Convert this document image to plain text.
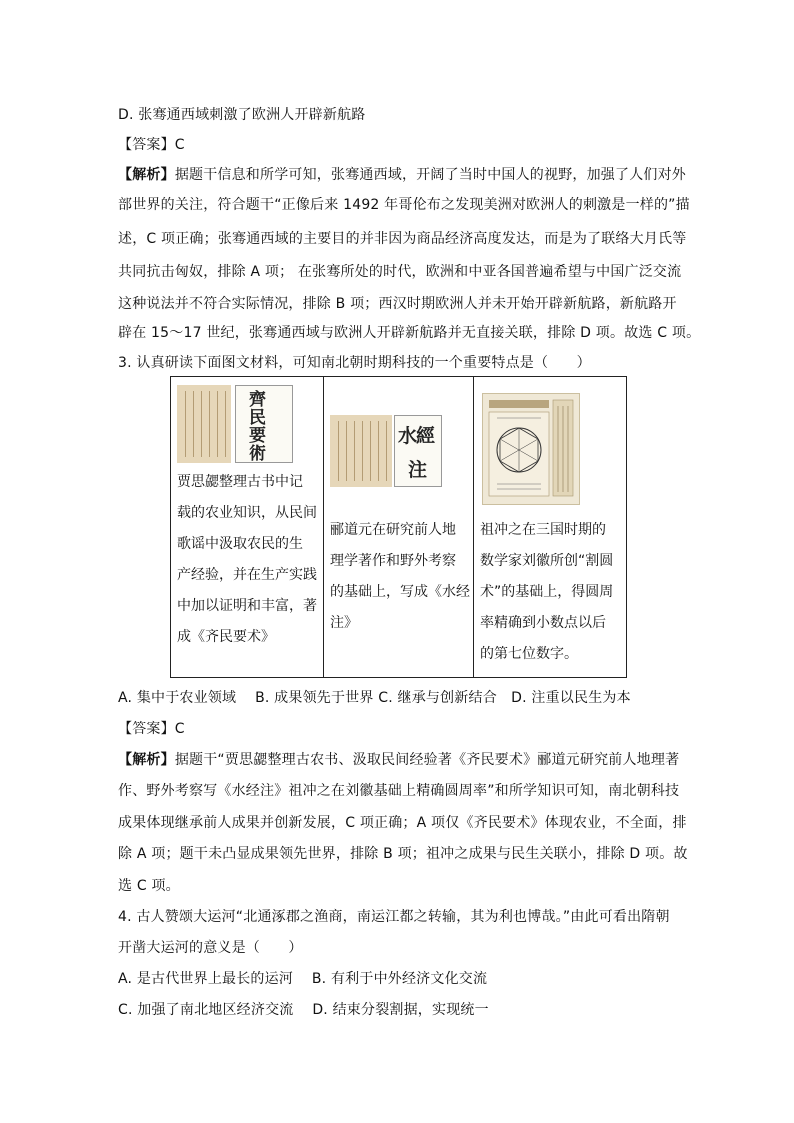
D. 张骞通西域刺激了欧洲人开辟新航路
【答案】C
【解析】据题干信息和所学可知，张骞通西域，开阔了当时中国人的视野，加强了人们对外
部世界的关注，符合题干“正像后来 1492 年哥伦布之发现美洲对欧洲人的刺激是一样的”描
述，C 项正确；张骞通西域的主要目的并非因为商品经济高度发达，而是为了联络大月氏等
共同抗击匈奴，排除 A 项； 在张骞所处的时代，欧洲和中亚各国普遍希望与中国广泛交流
这种说法并不符合实际情况，排除 B 项；西汉时期欧洲人并未开始开辟新航路，新航路开
辟在 15～17 世纪，张骞通西域与欧洲人开辟新航路并无直接关联，排除 D 项。故选 C 项。
3. 认真研读下面图文材料，可知南北朝时期科技的一个重要特点是（　　）
齊
民
要
術
贾思勰整理古书中记
载的农业知识，从民间
歌谣中汲取农民的生
产经验，并在生产实践
中加以证明和丰富，著
成《齐民要术》

水
經
注
郦道元在研究前人地
理学著作和野外考察
的基础上，写成《水经
注》

祖冲之在三国时期的
数学家刘徽所创“割圆
术”的基础上，得圆周
率精确到小数点以后
的第七位数字。
A. 集中于农业领域　 B. 成果领先于世界 C. 继承与创新结合　D. 注重以民生为本
【答案】C
【解析】据题干“贾思勰整理古农书、汲取民间经验著《齐民要术》郦道元研究前人地理著
作、野外考察写《水经注》祖冲之在刘徽基础上精确圆周率”和所学知识可知，南北朝科技
成果体现继承前人成果并创新发展，C 项正确；A 项仅《齐民要术》体现农业，不全面，排
除 A 项；题干未凸显成果领先世界，排除 B 项；祖冲之成果与民生关联小，排除 D 项。故
选 C 项。
4. 古人赞颂大运河“北通涿郡之渔商，南运江都之转输，其为利也博哉。”由此可看出隋朝
开凿大运河的意义是（　　）
A. 是古代世界上最长的运河　 B. 有利于中外经济文化交流
C. 加强了南北地区经济交流　 D. 结束分裂割据，实现统一
